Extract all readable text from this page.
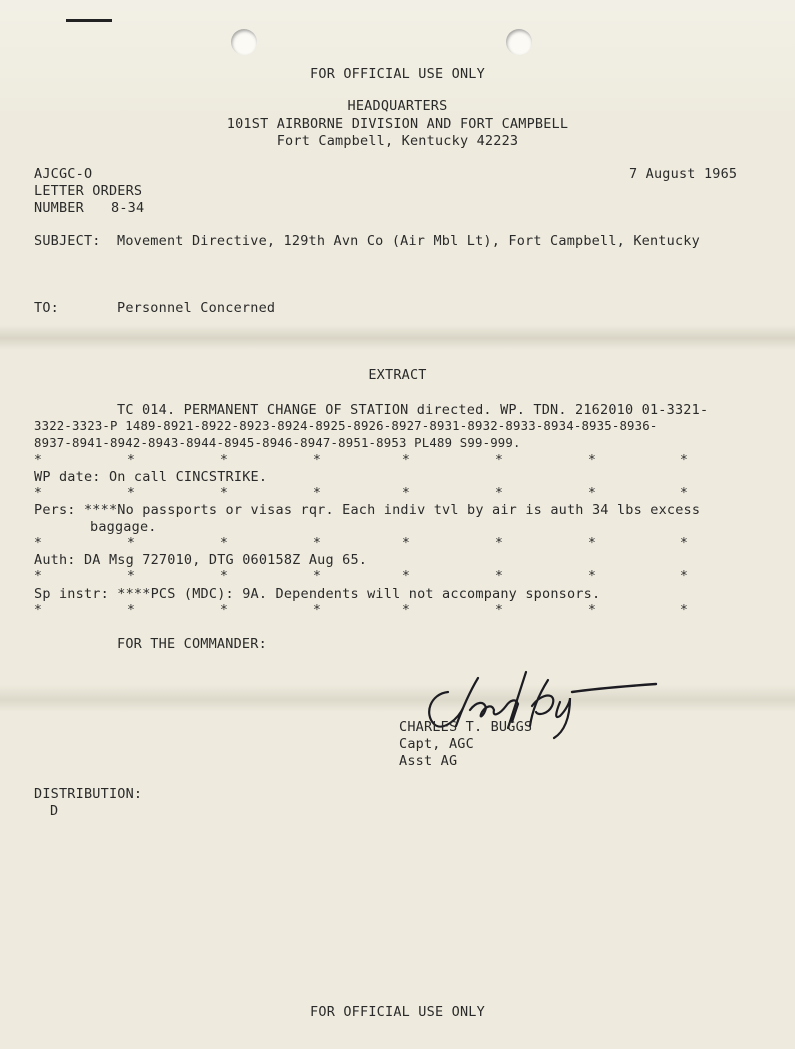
FOR OFFICIAL USE ONLY
HEADQUARTERS
101ST AIRBORNE DIVISION AND FORT CAMPBELL
Fort Campbell, Kentucky 42223
AJCGC-O	7 August 1965
LETTER ORDERS
NUMBER 8-34
SUBJECT: Movement Directive, 129th Avn Co (Air Mbl Lt), Fort Campbell, Kentucky
TO:	Personnel Concerned
EXTRACT
TC 014. PERMANENT CHANGE OF STATION directed. WP. TDN. 2162010 01-3321-
3322-3323-P 1489-8921-8922-8923-8924-8925-8926-8927-8931-8932-8933-8934-8935-8936-
8937-8941-8942-8943-8944-8945-8946-8947-8951-8953 PL489 S99-999.
*	*	*	*	*	*	*	*
WP date: On call CINCSTRIKE.
*	*	*	*	*	*	*	*
Pers: ****No passports or visas rqr. Each indiv tvl by air is auth 34 lbs excess
baggage.
*	*	*	*	*	*	*	*
Auth: DA Msg 727010, DTG 060158Z Aug 65.
*	*	*	*	*	*	*	*
Sp instr: ****PCS (MDC): 9A. Dependents will not accompany sponsors.
*	*	*	*	*	*	*	*
FOR THE COMMANDER:
CHARLES T. BUGGS
Capt, AGC
Asst AG
DISTRIBUTION:
D
FOR OFFICIAL USE ONLY
